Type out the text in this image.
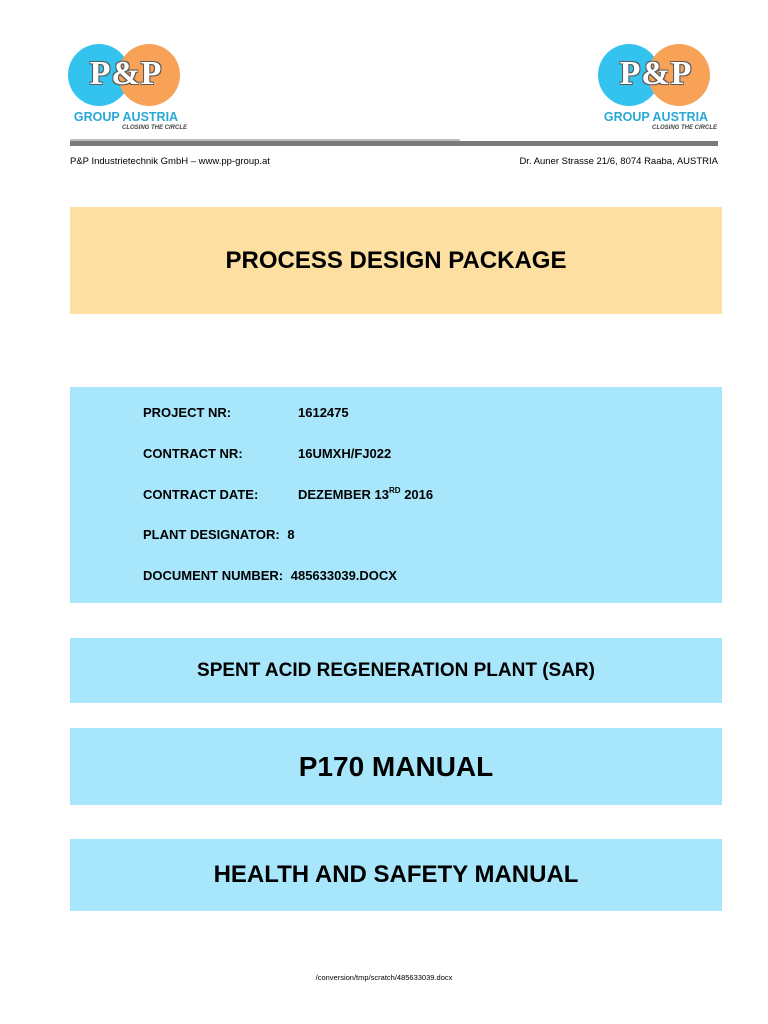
P&P
GROUP AUSTRIA
CLOSING THE CIRCLE
P&P
GROUP AUSTRIA
CLOSING THE CIRCLE
P&P Industrietechnik GmbH – www.pp-group.at	Dr. Auner Strasse 21/6, 8074 Raaba, AUSTRIA
PROCESS DESIGN PACKAGE
PROJECT NR:	1612475
CONTRACT NR:	16UMXH/FJ022
CONTRACT DATE:	DEZEMBER 13RD 2016
PLANT DESIGNATOR: 8
DOCUMENT NUMBER: 485633039.DOCX
SPENT ACID REGENERATION PLANT (SAR)
P170 MANUAL
HEALTH AND SAFETY MANUAL
/conversion/tmp/scratch/485633039.docx
